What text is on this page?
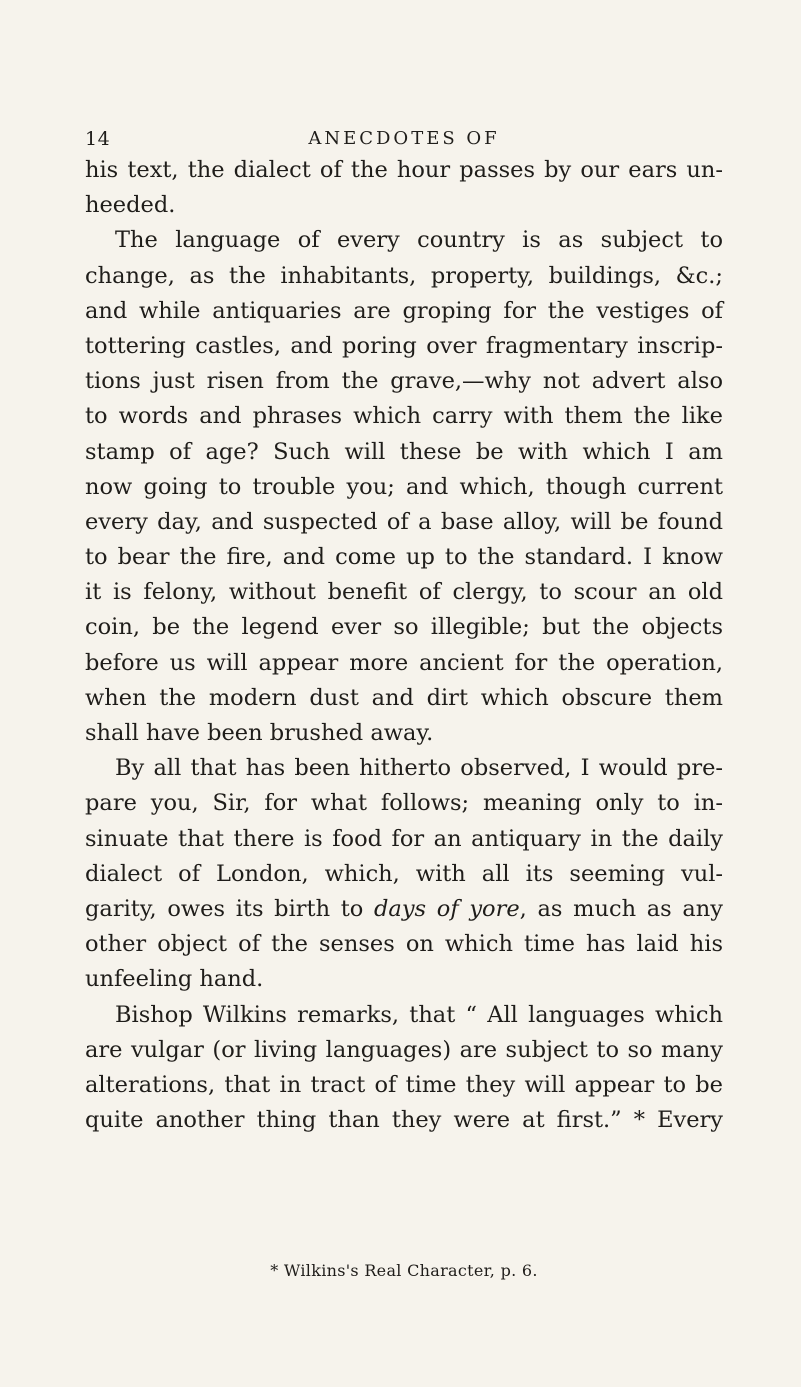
14	ANECDOTES OF
his text, the dialect of the hour passes by our ears un-
heeded.
The language of every country is as subject to
change, as the inhabitants, property, buildings, &c.;
and while antiquaries are groping for the vestiges of
tottering castles, and poring over fragmentary inscrip-
tions just risen from the grave,—why not advert also
to words and phrases which carry with them the like
stamp of age? Such will these be with which I am
now going to trouble you; and which, though current
every day, and suspected of a base alloy, will be found
to bear the fire, and come up to the standard. I know
it is felony, without benefit of clergy, to scour an old
coin, be the legend ever so illegible; but the objects
before us will appear more ancient for the operation,
when the modern dust and dirt which obscure them
shall have been brushed away.
By all that has been hitherto observed, I would pre-
pare you, Sir, for what follows; meaning only to in-
sinuate that there is food for an antiquary in the daily
dialect of London, which, with all its seeming vul-
garity, owes its birth to days of yore, as much as any
other object of the senses on which time has laid his
unfeeling hand.
Bishop Wilkins remarks, that “ All languages which
are vulgar (or living languages) are subject to so many
alterations, that in tract of time they will appear to be
quite another thing than they were at first.” * Every
* Wilkins's Real Character, p. 6.
